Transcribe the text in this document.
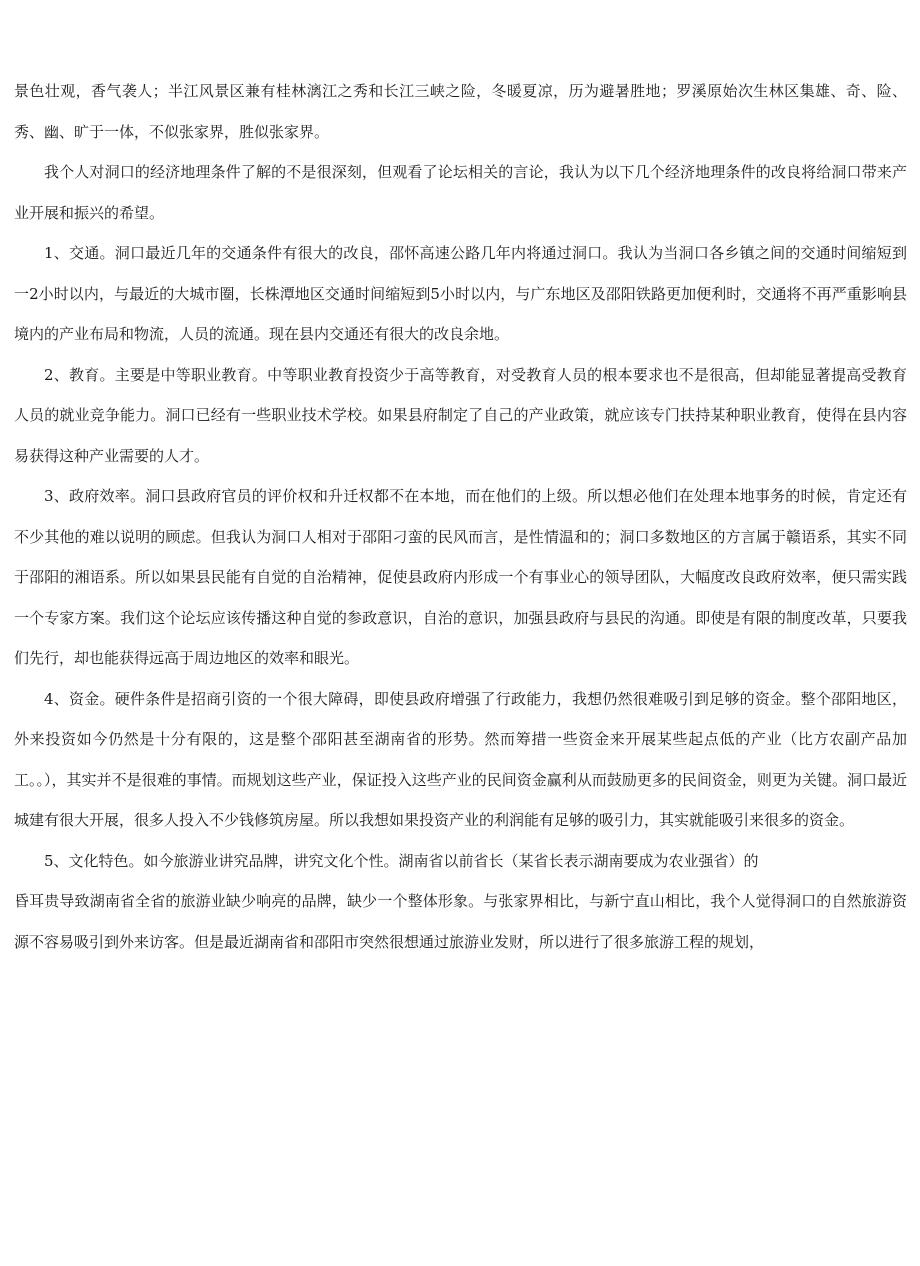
景色壮观，香气袭人；半江风景区兼有桂林漓江之秀和长江三峡之险，冬暖夏凉，历为避暑胜地；罗溪原始次生林区集雄、奇、险、秀、幽、旷于一体，不似张家界，胜似张家界。

我个人对洞口的经济地理条件了解的不是很深刻，但观看了论坛相关的言论，我认为以下几个经济地理条件的改良将给洞口带来产业开展和振兴的希望。

1、交通。洞口最近几年的交通条件有很大的改良，邵怀高速公路几年内将通过洞口。我认为当洞口各乡镇之间的交通时间缩短到一2小时以内，与最近的大城市圈，长株潭地区交通时间缩短到5小时以内，与广东地区及邵阳铁路更加便利时，交通将不再严重影响县境内的产业布局和物流，人员的流通。现在县内交通还有很大的改良余地。

2、教育。主要是中等职业教育。中等职业教育投资少于高等教育，对受教育人员的根本要求也不是很高，但却能显著提高受教育人员的就业竞争能力。洞口已经有一些职业技术学校。如果县府制定了自己的产业政策，就应该专门扶持某种职业教育，使得在县内容易获得这种产业需要的人才。

3、政府效率。洞口县政府官员的评价权和升迁权都不在本地，而在他们的上级。所以想必他们在处理本地事务的时候，肯定还有不少其他的难以说明的顾虑。但我认为洞口人相对于邵阳刁蛮的民风而言，是性情温和的；洞口多数地区的方言属于赣语系，其实不同于邵阳的湘语系。所以如果县民能有自觉的自治精神，促使县政府内形成一个有事业心的领导团队，大幅度改良政府效率，便只需实践一个专家方案。我们这个论坛应该传播这种自觉的参政意识，自治的意识，加强县政府与县民的沟通。即使是有限的制度改革，只要我们先行，却也能获得远高于周边地区的效率和眼光。

4、资金。硬件条件是招商引资的一个很大障碍，即使县政府增强了行政能力，我想仍然很难吸引到足够的资金。整个邵阳地区，外来投资如今仍然是十分有限的，这是整个邵阳甚至湖南省的形势。然而筹措一些资金来开展某些起点低的产业（比方农副产品加工。。），其实并不是很难的事情。而规划这些产业，保证投入这些产业的民间资金赢利从而鼓励更多的民间资金，则更为关键。洞口最近城建有很大开展，很多人投入不少钱修筑房屋。所以我想如果投资产业的利润能有足够的吸引力，其实就能吸引来很多的资金。

5、文化特色。如今旅游业讲究品牌，讲究文化个性。湖南省以前省长（某省长表示湖南要成为农业强省）的

昏耳贵导致湖南省全省的旅游业缺少响亮的品牌，缺少一个整体形象。与张家界相比，与新宁直山相比，我个人觉得洞口的自然旅游资源不容易吸引到外来访客。但是最近湖南省和邵阳市突然很想通过旅游业发财，所以进行了很多旅游工程的规划，
